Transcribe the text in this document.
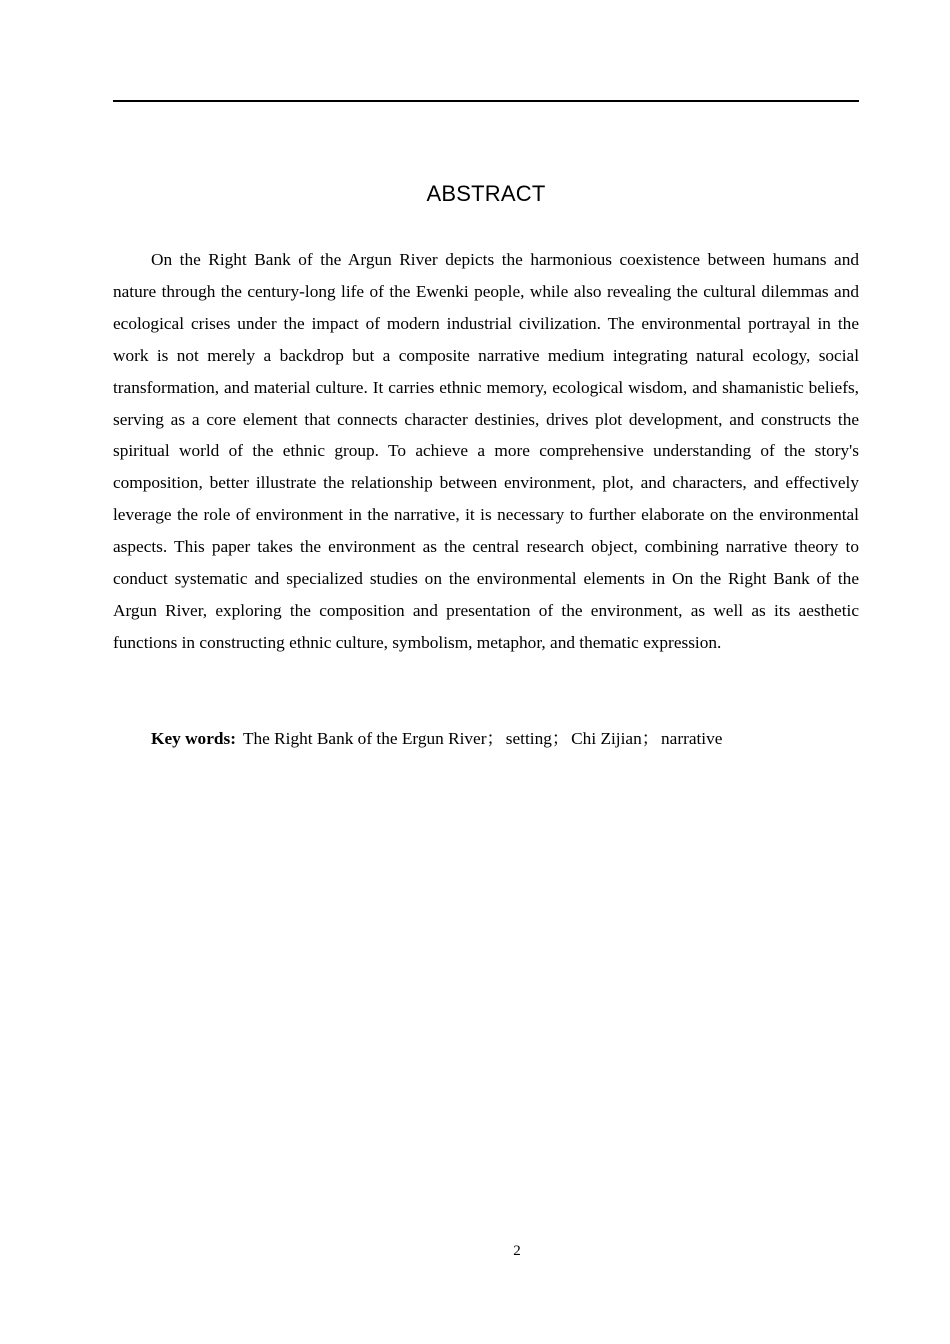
ABSTRACT

On the Right Bank of the Argun River depicts the harmonious coexistence between humans and nature through the century-long life of the Ewenki people, while also revealing the cultural dilemmas and ecological crises under the impact of modern industrial civilization. The environmental portrayal in the work is not merely a backdrop but a composite narrative medium integrating natural ecology, social transformation, and material culture. It carries ethnic memory, ecological wisdom, and shamanistic beliefs, serving as a core element that connects character destinies, drives plot development, and constructs the spiritual world of the ethnic group. To achieve a more comprehensive understanding of the story's composition, better illustrate the relationship between environment, plot, and characters, and effectively leverage the role of environment in the narrative, it is necessary to further elaborate on the environmental aspects. This paper takes the environment as the central research object, combining narrative theory to conduct systematic and specialized studies on the environmental elements in On the Right Bank of the Argun River, exploring the composition and presentation of the environment, as well as its aesthetic functions in constructing ethnic culture, symbolism, metaphor, and thematic expression.

Key words: The Right Bank of the Ergun River； setting； Chi Zijian； narrative
2
